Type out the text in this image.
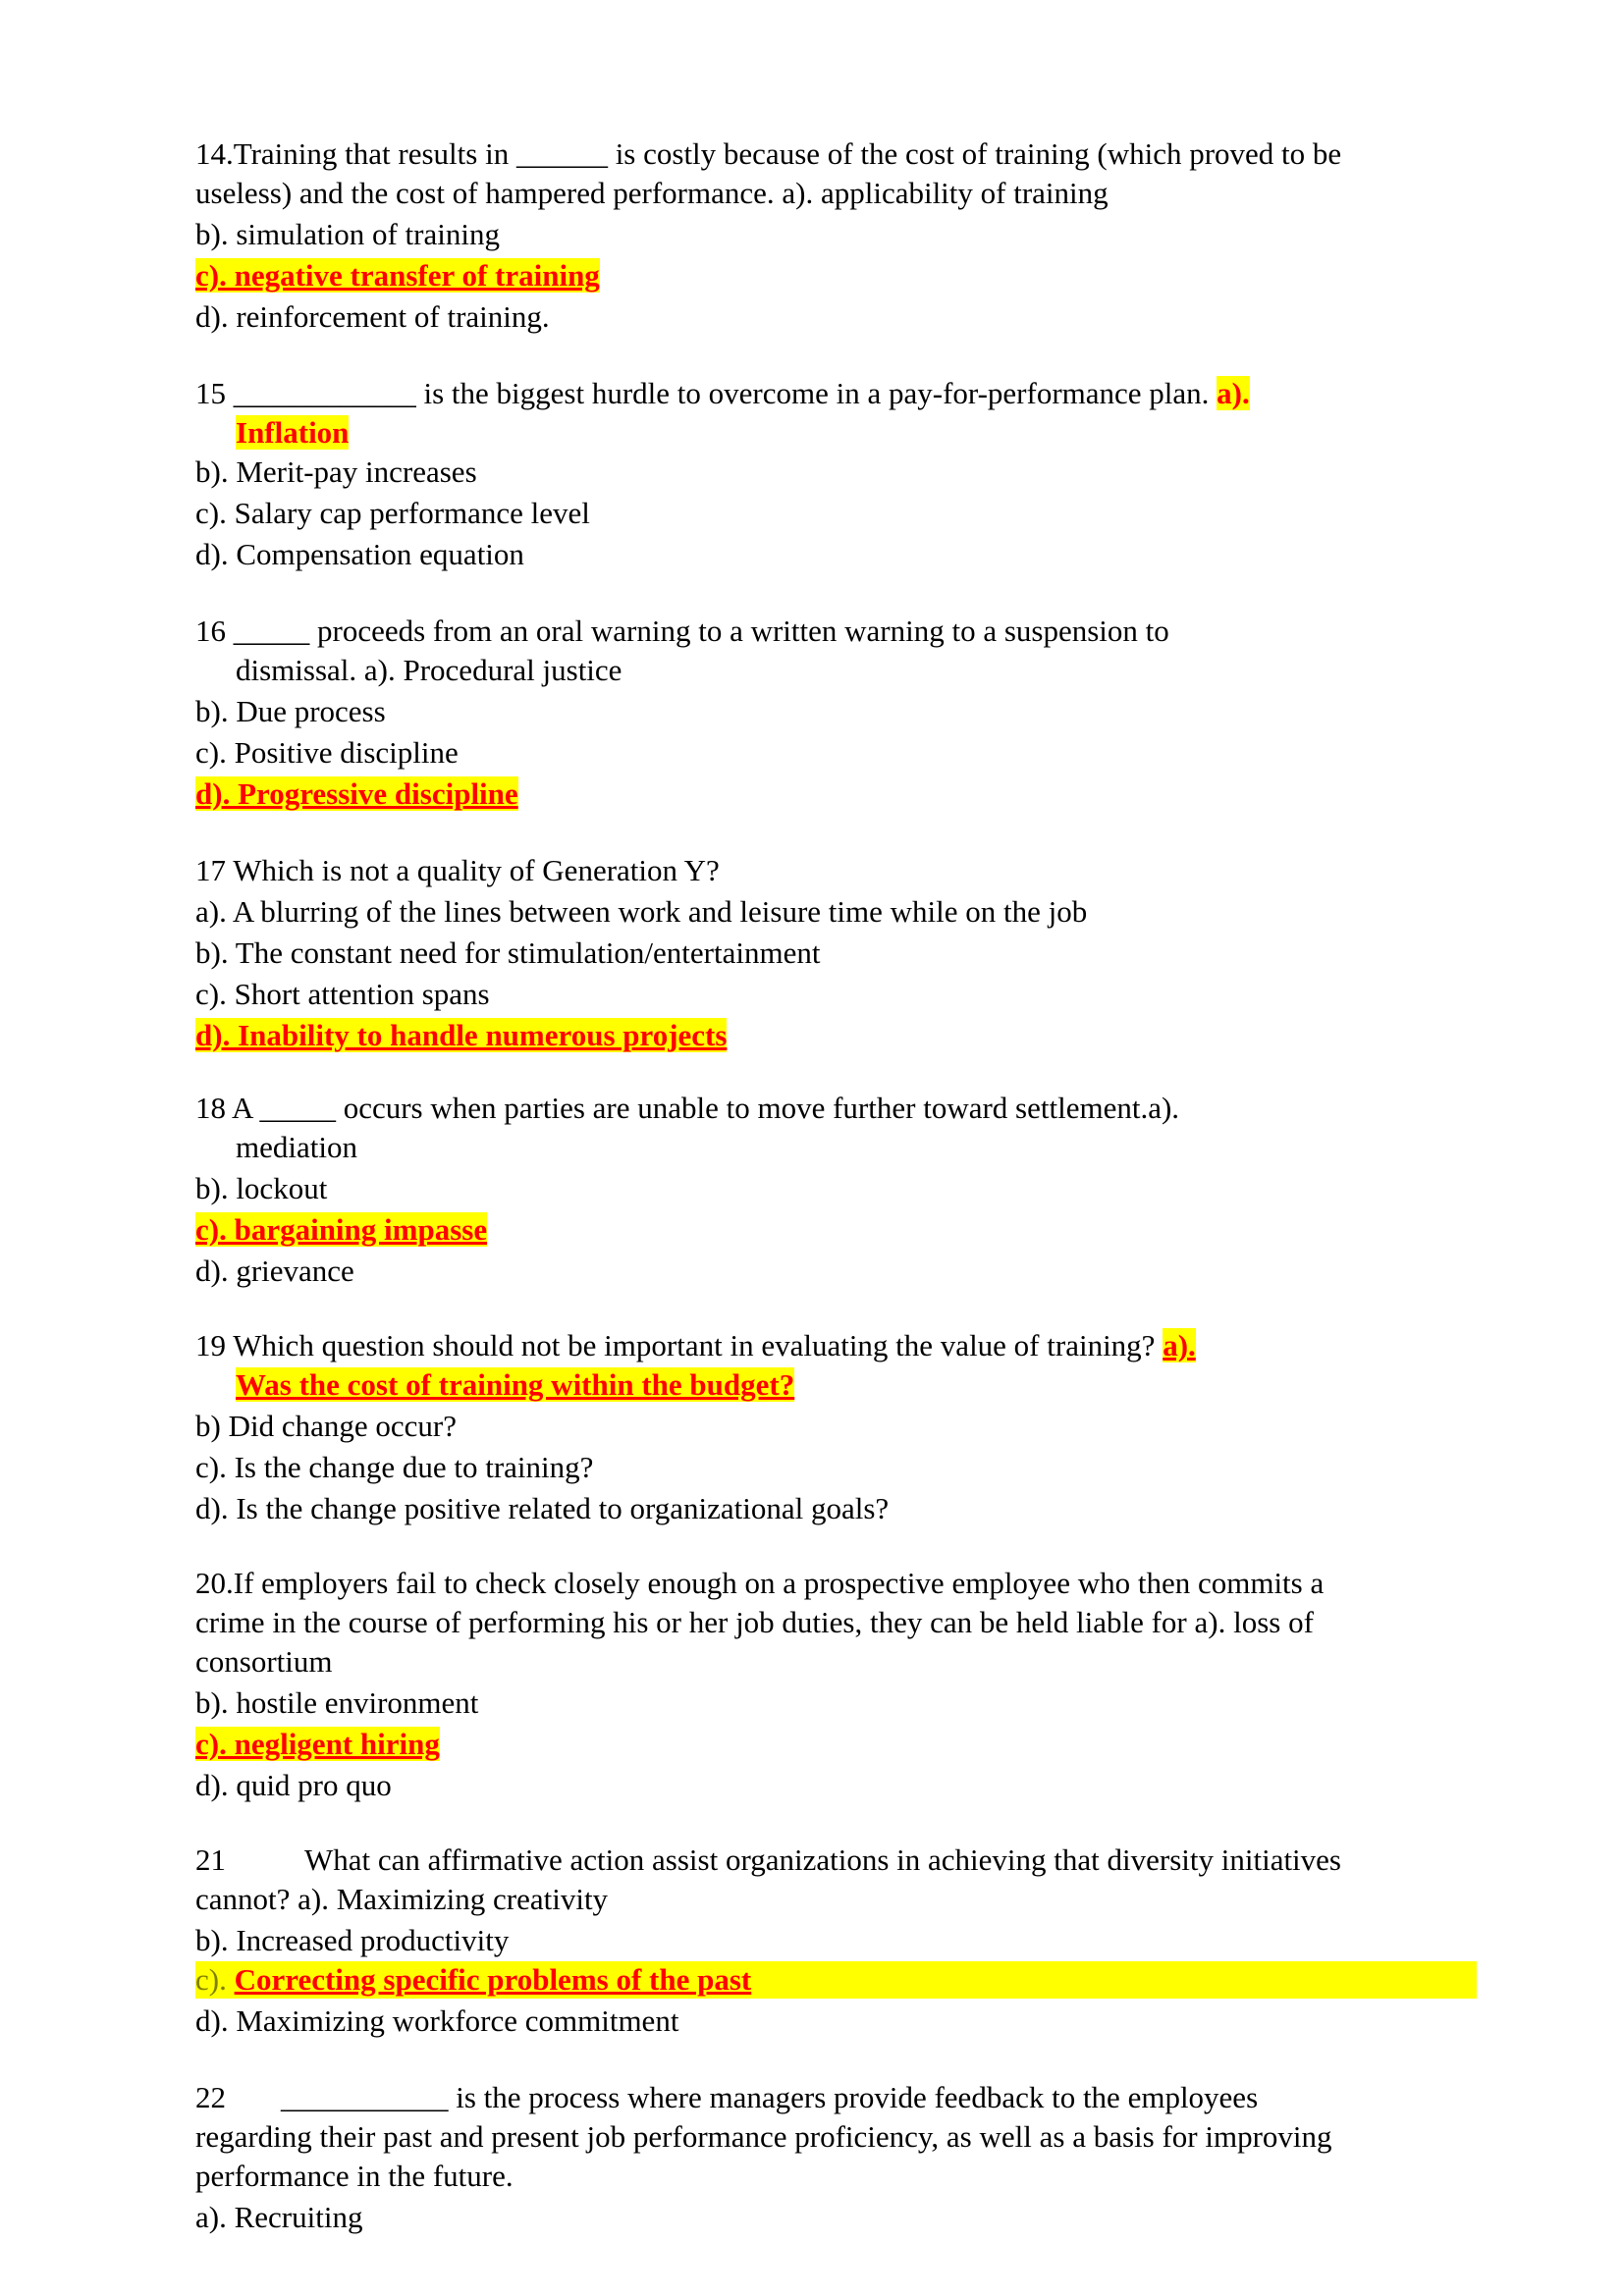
14.Training that results in ______ is costly because of the cost of training (which proved to be

useless) and the cost of hampered performance. a). applicability of training

b). simulation of training

c). negative transfer of training

d). reinforcement of training.

15 ____________ is the biggest hurdle to overcome in a pay-for-performance plan. a).

Inflation

b). Merit-pay increases

c). Salary cap performance level

d). Compensation equation

16 _____ proceeds from an oral warning to a written warning to a suspension to

dismissal. a). Procedural justice

b). Due process

c). Positive discipline

d). Progressive discipline

17 Which is not a quality of Generation Y?

a). A blurring of the lines between work and leisure time while on the job

b). The constant need for stimulation/entertainment

c). Short attention spans

d). Inability to handle numerous projects

18 A _____ occurs when parties are unable to move further toward settlement.a).

mediation

b). lockout

c). bargaining impasse

d). grievance

19 Which question should not be important in evaluating the value of training? a).

Was the cost of training within the budget?

b) Did change occur?

c). Is the change due to training?

d). Is the change positive related to organizational goals?

20.If employers fail to check closely enough on a prospective employee who then commits a

crime in the course of performing his or her job duties, they can be held liable for a). loss of

consortium

b). hostile environment

c). negligent hiring

d). quid pro quo

21	What can affirmative action assist organizations in achieving that diversity initiatives

cannot? a). Maximizing creativity

b). Increased productivity

c). Correcting specific problems of the past

d). Maximizing workforce commitment

22 ___________ is the process where managers provide feedback to the employees

regarding their past and present job performance proficiency, as well as a basis for improving

performance in the future.

a). Recruiting
